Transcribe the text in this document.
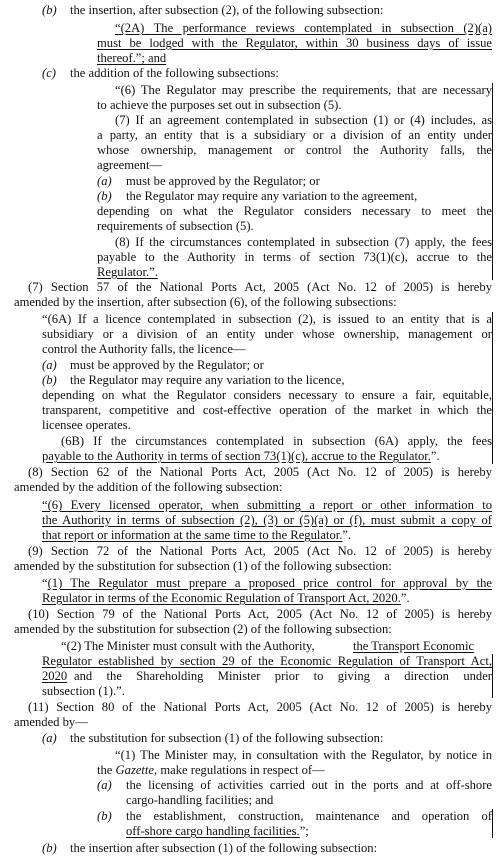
(b) the insertion, after subsection (2), of the following subsection:
“(2A) The performance reviews contemplated in subsection (2)(a)
must be lodged with the Regulator, within 30 business days of issue
thereof.”; and
(c) the addition of the following subsections:
“(6) The Regulator may prescribe the requirements, that are necessary
to achieve the purposes set out in subsection (5).
(7) If an agreement contemplated in subsection (1) or (4) includes, as
a party, an entity that is a subsidiary or a division of an entity under
whose ownership, management or control the Authority falls, the
agreement—
(a) must be approved by the Regulator; or
(b) the Regulator may require any variation to the agreement,
depending on what the Regulator considers necessary to meet the
requirements of subsection (5).
(8) If the circumstances contemplated in subsection (7) apply, the fees
payable to the Authority in terms of section 73(1)(c), accrue to the
Regulator.”.
(7) Section 57 of the National Ports Act, 2005 (Act No. 12 of 2005) is hereby
amended by the insertion, after subsection (6), of the following subsections:
“(6A) If a licence contemplated in subsection (2), is issued to an entity that is a
subsidiary or a division of an entity under whose ownership, management or
control the Authority falls, the licence—
(a) must be approved by the Regulator; or
(b) the Regulator may require any variation to the licence,
depending on what the Regulator considers necessary to ensure a fair, equitable,
transparent, competitive and cost-effective operation of the market in which the
licensee operates.
(6B) If the circumstances contemplated in subsection (6A) apply, the fees
payable to the Authority in terms of section 73(1)(c), accrue to the Regulator.”.
(8) Section 62 of the National Ports Act, 2005 (Act No. 12 of 2005) is hereby
amended by the addition of the following subsection:
“(6) Every licensed operator, when submitting a report or other information to
the Authority in terms of subsection (2), (3) or (5)(a) or (f), must submit a copy of
that report or information at the same time to the Regulator.”.
(9) Section 72 of the National Ports Act, 2005 (Act No. 12 of 2005) is hereby
amended by the substitution for subsection (1) of the following subsection:
“(1) The Regulator must prepare a proposed price control for approval by the
Regulator in terms of the Economic Regulation of Transport Act, 2020.”.
(10) Section 79 of the National Ports Act, 2005 (Act No. 12 of 2005) is hereby
amended by the substitution for subsection (2) of the following subsection:
“(2) The Minister must consult with the Authority,	the Transport Economic
Regulator established by section 29 of the Economic Regulation of Transport Act,
2020 and the Shareholding Minister prior to giving a direction under
subsection (1).”.
(11) Section 80 of the National Ports Act, 2005 (Act No. 12 of 2005) is hereby
amended by—
(a) the substitution for subsection (1) of the following subsection:
“(1) The Minister may, in consultation with the Regulator, by notice in
the Gazette, make regulations in respect of—
(a) the licensing of activities carried out in the ports and at off-shore
cargo-handling facilities; and
(b) the establishment, construction, maintenance and operation of
off-shore cargo handling facilities.”;
(b) the insertion after subsection (1) of the following subsection:
